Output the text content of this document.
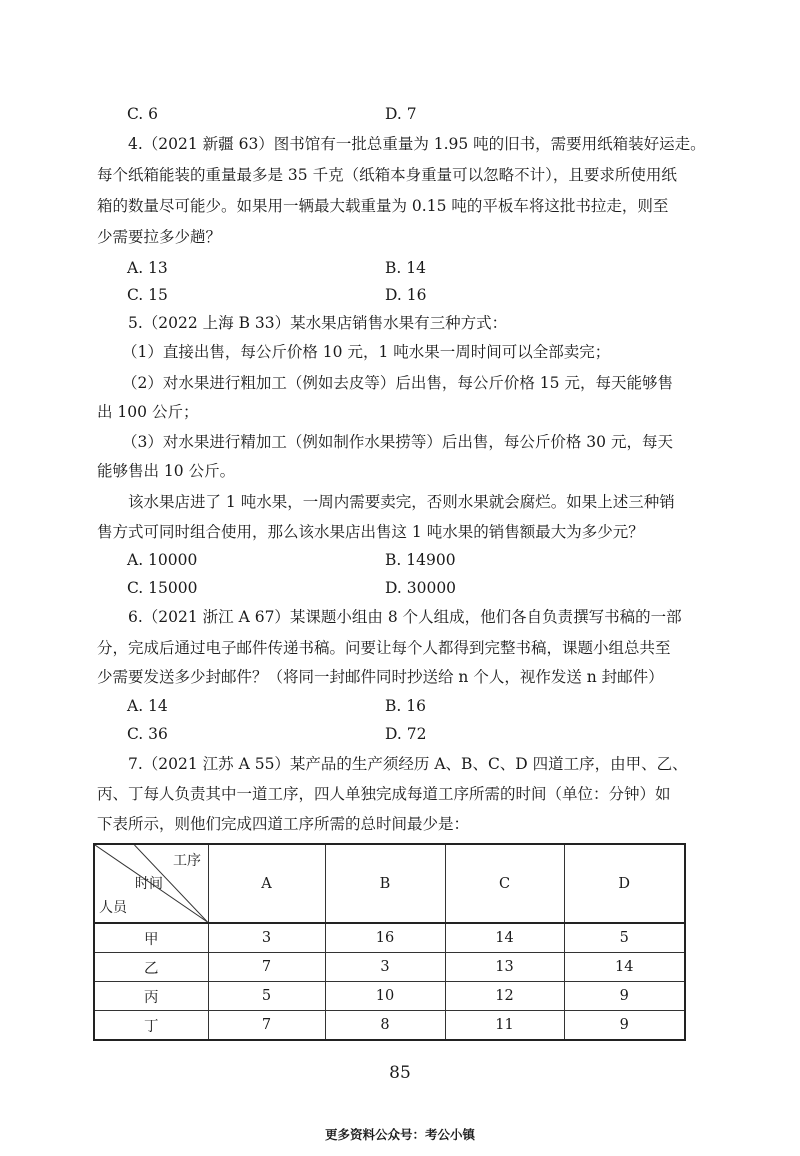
C. 6	D. 7
4.（2021 新疆 63）图书馆有一批总重量为 1.95 吨的旧书，需要用纸箱装好运走。
每个纸箱能装的重量最多是 35 千克（纸箱本身重量可以忽略不计），且要求所使用纸
箱的数量尽可能少。如果用一辆最大载重量为 0.15 吨的平板车将这批书拉走，则至
少需要拉多少趟？
A. 13	B. 14
C. 15	D. 16
5.（2022 上海 B 33）某水果店销售水果有三种方式：
（1）直接出售，每公斤价格 10 元，1 吨水果一周时间可以全部卖完；
（2）对水果进行粗加工（例如去皮等）后出售，每公斤价格 15 元，每天能够售
出 100 公斤；
（3）对水果进行精加工（例如制作水果捞等）后出售，每公斤价格 30 元，每天
能够售出 10 公斤。
该水果店进了 1 吨水果，一周内需要卖完，否则水果就会腐烂。如果上述三种销
售方式可同时组合使用，那么该水果店出售这 1 吨水果的销售额最大为多少元？
A. 10000	B. 14900
C. 15000	D. 30000
6.（2021 浙江 A 67）某课题小组由 8 个人组成，他们各自负责撰写书稿的一部
分，完成后通过电子邮件传递书稿。问要让每个人都得到完整书稿，课题小组总共至
少需要发送多少封邮件？（将同一封邮件同时抄送给 n 个人，视作发送 n 封邮件）
A. 14	B. 16
C. 36	D. 72
7.（2021 江苏 A 55）某产品的生产须经历 A、B、C、D 四道工序，由甲、乙、
丙、丁每人负责其中一道工序，四人单独完成每道工序所需的时间（单位：分钟）如
下表所示，则他们完成四道工序所需的总时间最少是：
工序
时间
人员	A	B	C	D
甲	3	16	14	5
乙	7	3	13	14
丙	5	10	12	9
丁	7	8	11	9
85
更多资料公众号：考公小镇
